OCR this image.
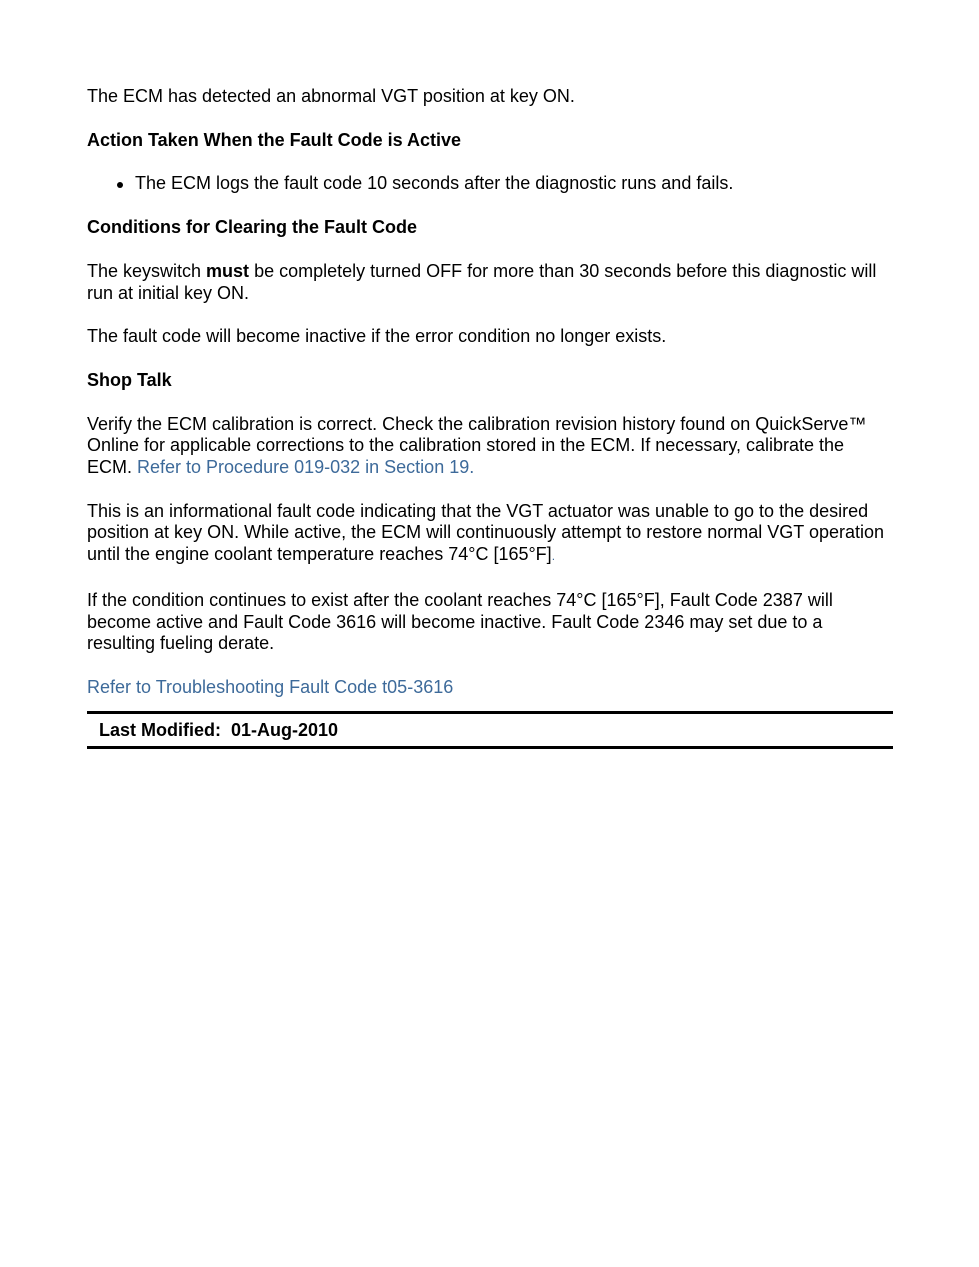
The ECM has detected an abnormal VGT position at key ON.

Action Taken When the Fault Code is Active

The ECM logs the fault code 10 seconds after the diagnostic runs and fails.

Conditions for Clearing the Fault Code

The keyswitch must be completely turned OFF for more than 30 seconds before this diagnostic will run at initial key ON.

The fault code will become inactive if the error condition no longer exists.

Shop Talk

Verify the ECM calibration is correct. Check the calibration revision history found on QuickServe™ Online for applicable corrections to the calibration stored in the ECM. If necessary, calibrate the ECM. Refer to Procedure 019-032 in Section 19.

This is an informational fault code indicating that the VGT actuator was unable to go to the desired position at key ON. While active, the ECM will continuously attempt to restore normal VGT operation until the engine coolant temperature reaches 74°C [165°F].

If the condition continues to exist after the coolant reaches 74°C [165°F], Fault Code 2387 will become active and Fault Code 3616 will become inactive. Fault Code 2346 may set due to a resulting fueling derate.

Refer to Troubleshooting Fault Code t05-3616

Last Modified:  01-Aug-2010
